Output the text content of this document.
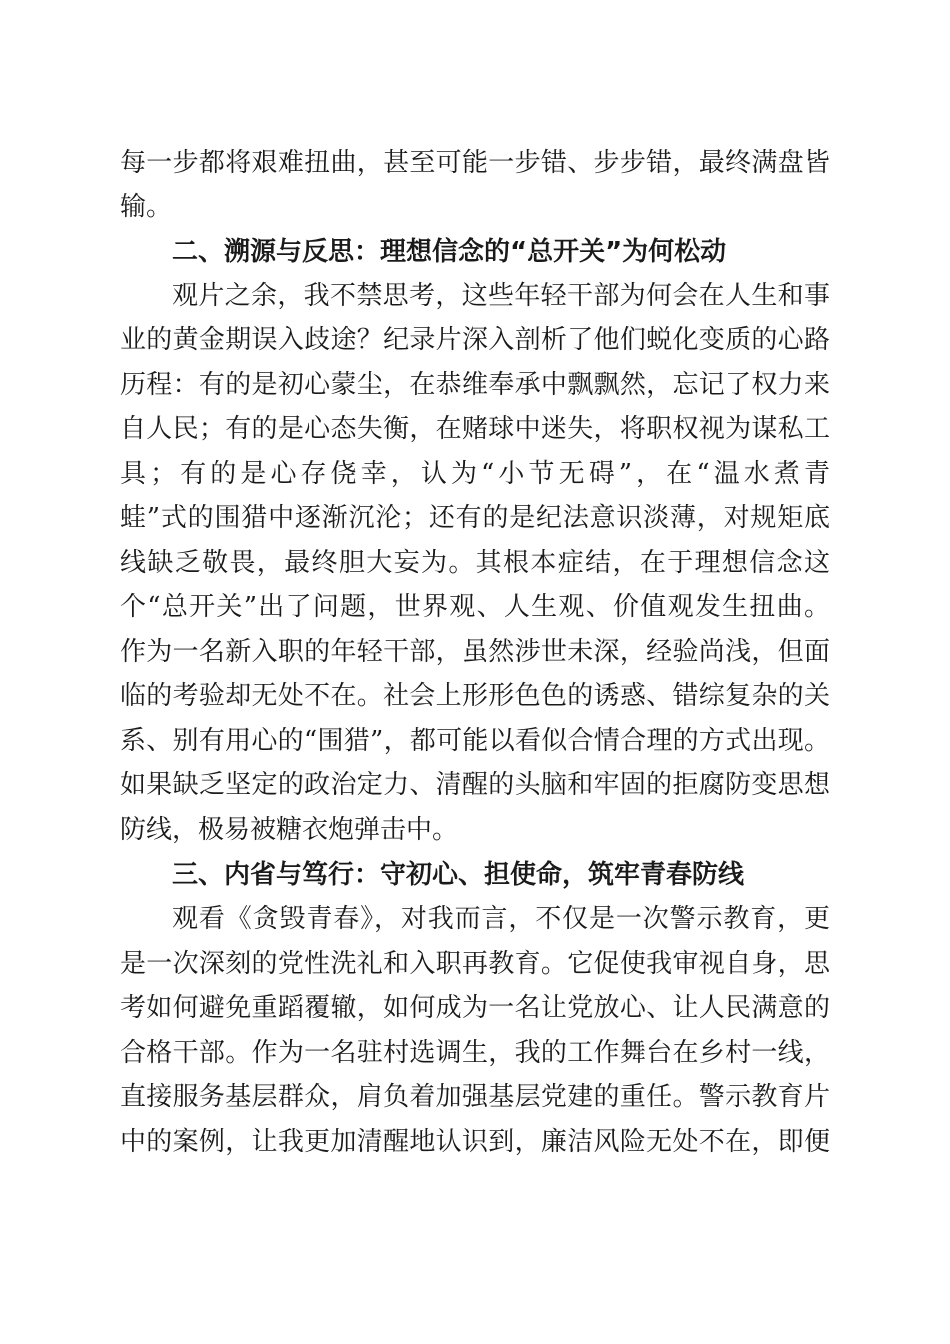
每一步都将艰难扭曲，甚至可能一步错、步步错，最终满盘皆
输。
二、溯源与反思：理想信念的“总开关”为何松动
观片之余，我不禁思考，这些年轻干部为何会在人生和事
业的黄金期误入歧途？纪录片深入剖析了他们蜕化变质的心路
历程：有的是初心蒙尘，在恭维奉承中飘飘然，忘记了权力来
自人民；有的是心态失衡，在赌球中迷失，将职权视为谋私工
具；有的是心存侥幸，认为“小节无碍”，在“温水煮青
蛙”式的围猎中逐渐沉沦；还有的是纪法意识淡薄，对规矩底
线缺乏敬畏，最终胆大妄为。其根本症结，在于理想信念这
个“总开关”出了问题，世界观、人生观、价值观发生扭曲。
作为一名新入职的年轻干部，虽然涉世未深，经验尚浅，但面
临的考验却无处不在。社会上形形色色的诱惑、错综复杂的关
系、别有用心的“围猎”，都可能以看似合情合理的方式出现。
如果缺乏坚定的政治定力、清醒的头脑和牢固的拒腐防变思想
防线，极易被糖衣炮弹击中。
三、内省与笃行：守初心、担使命，筑牢青春防线
观看《贪毁青春》，对我而言，不仅是一次警示教育，更
是一次深刻的党性洗礼和入职再教育。它促使我审视自身，思
考如何避免重蹈覆辙，如何成为一名让党放心、让人民满意的
合格干部。作为一名驻村选调生，我的工作舞台在乡村一线，
直接服务基层群众，肩负着加强基层党建的重任。警示教育片
中的案例，让我更加清醒地认识到，廉洁风险无处不在，即便
